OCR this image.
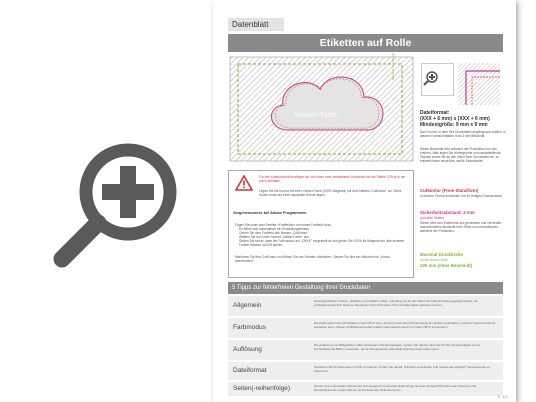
Datenblatt
Etiketten auf Rolle
Wolken-Form
Maximal Druckbreite
Dateiformat:
(XXX + 6 mm) x (XXX + 6 mm)
Mindestgröße: 9 mm x 9 mm
Das Format, in dem Ihre Druckdaten angelegt sein sollten. In diesem Format entfallen rund 3 mm Beschnitt.
Dieser Beschnitt wird während der Produktion von uns entfernt. Bitte legen Sie Hintergründe und randabfallende Objekte immer bis an den Rand Ihrer Druckdaten an, so entsteht keine unschöne, weiße Seitenkante.
Cutkontur (Freie Stanzform)
In diesem Format schneiden Sie Ihr fertiges Druckprodukt.
Sicherheitsabstand: 3 mm
(auf allen Seiten)
Dieser wird vom Endformat aus gemessen und verhindert unerwünschten Anschnitt Ihrer Texte und Informationen während der Produktion.
Maximal Druckbreite
an der kurzen Seite:
200 mm (ohne Beschnitt)
Für den Konturschnitt benötigen wir von Ihnen eine vektorisierte Konturlinie mit der Stärke 0,25 pt in der pdf-Druckdatei.
Legen Sie die Kontur mit einer Vollton-Farbe (100% Magenta) mit dem Namen „CutKontur" an. Diese Kontur muss auf einer separaten Ebene liegen.
Vorgehensweise bei Adobe Programmen
Fügen Sie unter dem Fenster »Farbfelder« ein neues Farbfeld hinzu.
Es öffnet sich automatisch ein Einstellungsfenster.
Geben Sie dem Farbfeld den Namen „CutKontur".
Wählen Sie nun unter Farbart „Vollton-Farbe" aus.
Stellen Sie sicher, dass der Farbmodus auf „CMYK" eingestellt ist und geben Sie 100% für Magenta ein, alle anderen Farben müssen auf 0% stehen.
Markieren Sie Ihre CutKontur und öffnen Sie das Fenster »Attribute«. Setzen Sie hier ein Häkchen bei „Kontur überdrucken".
5 Tipps zur fehlerfreien Gestaltung Ihrer Druckdaten
Allgemein
Hintergrundbilder, Farben, Verläufe und Grafiken sollten unbedingt bis an den Rand des Datenformats angelegt werden, da produktionstechnisch kleinere Toleranzen beim Schneiden Ihres Druckprodukts auftreten können.
Farbmodus
Die Farbmodus Ihrer Druckdaten muss CMYK sein, da sonst nach dem Druckvorgang ein (leicht) veränderter, optischer Gesamteindruck entstehen kann. (Daten im RGB-Farbmodus werden automatisch durch uns nach CMYK konvertiert.)
Auflösung
Die Auflösung von Bildgrafiken sollte mindestens 300 dpi betragen. Achten Sie darauf, dass Sie für Ihre Druckvorlagen immer hochauflösende Bilder verwenden, da Ihr Druckprodukt andernfalls (leicht) pixelig wirken kann.
Dateiformat	Speichern Sie Ihr Dokument im PDF-Format ab. Achten Sie darauf, Schriften einzubetten und (soweit als möglich) Transparenzen zu reduzieren.
Seiten(-reihenfolge)	Senden Sie mehrseitige Dokumente chronologisch in korrekter Reihenfolge als eine einzige PDF-Datei oder benennen Sie Einzeldokumente entsprechend mit fortlaufenden Seitennummern.
S. 1/1
